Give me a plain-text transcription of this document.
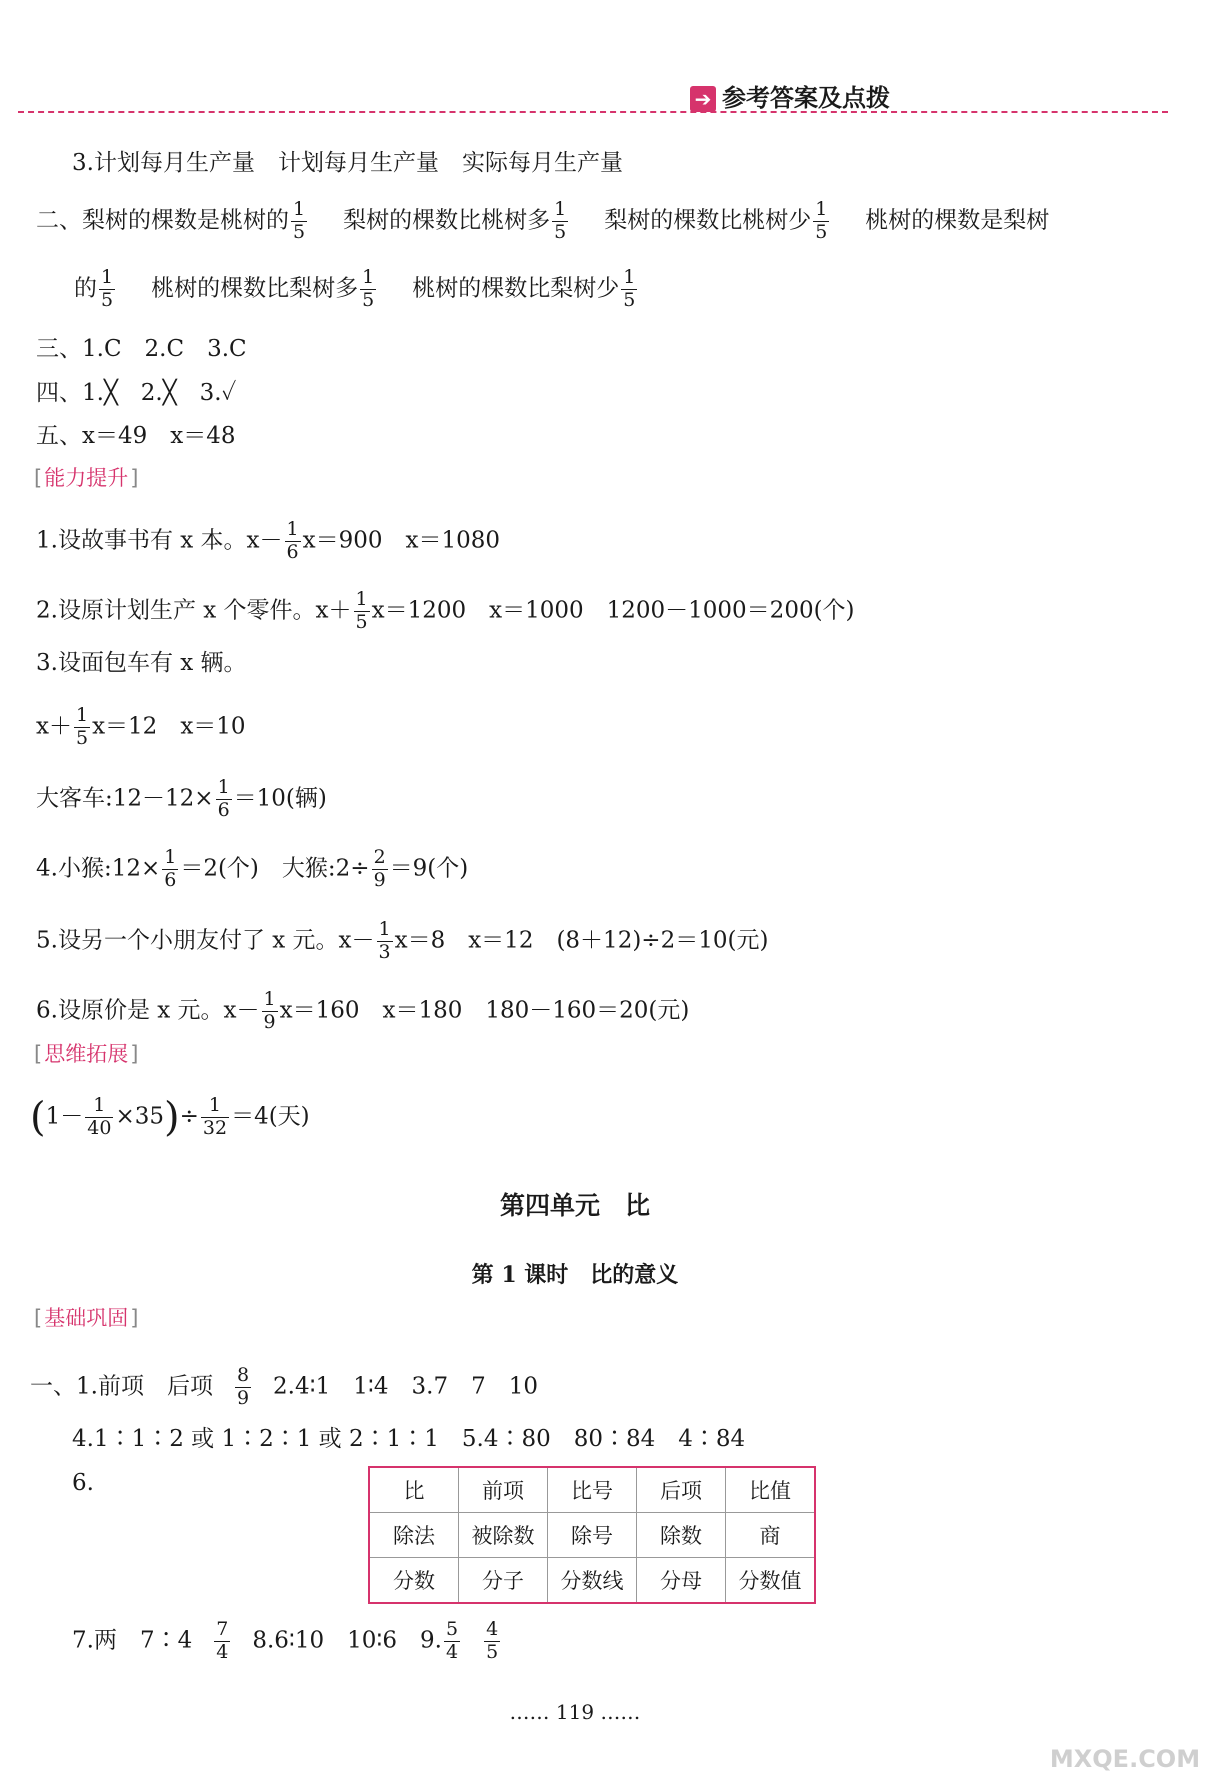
➔ 参考答案及点拨
3.计划每月生产量　计划每月生产量　实际每月生产量
二、梨树的棵数是桃树的 $\frac{1}{5}$ 梨树的棵数比桃树多 $\frac{1}{5}$ 梨树的棵数比桃树少 $\frac{1}{5}$ 桃树的棵数是梨树
的 $\frac{1}{5}$ 桃树的棵数比梨树多 $\frac{1}{5}$ 桃树的棵数比梨树少 $\frac{1}{5}$
三、1.C　2.C　3.C
四、1.╳　2.╳　3.✓
五、x＝49　x＝48
[ 能力提升 ]
1.设故事书有 x 本。$x- \frac{1}{6} x=900$　x＝1080
2.设原计划生产 x 个零件。$x+ \frac{1}{5} x=1200$　x＝1000　1200－1000＝200(个)
3.设面包车有 x 辆。
$x+ \frac{1}{5} x=12$　x＝10
大客车:12－12× $\frac{1}{6} =10$(辆)
4.小猴:12× $\frac{1}{6} =2$(个)　大猴:2÷ $\frac{2}{9} =9$(个)
5.设另一个小朋友付了 x 元。$x- \frac{1}{3} x=8$　x＝12　(8＋12)÷2＝10(元)
6.设原价是 x 元。$x- \frac{1}{9} x=160$　x＝180　180－160＝20(元)
[ 思维拓展 ]
$(1- \frac{1}{40} \times 35)\div \frac{1}{32} =4$(天)
第四单元　比
第 1 课时　比的意义
[ 基础巩固 ]
一、1.前项　后项 $\frac{8}{9}$ 2.4∶1　1∶4　3.7　7　10
4.1∶1∶2 或 1∶2∶1 或 2∶1∶1　5.4∶80　80∶84　4∶84
6.	比	前项	比号	后项	比值
除法	被除数	除号	除数	商
分数	分子	分数线	分母	分数值
7.两　7∶4 $\frac{7}{4}$ 8.6∶10　10∶6　9. $\frac{5}{4} \frac{4}{5}$
…… 119 ……
MXQE.COM
